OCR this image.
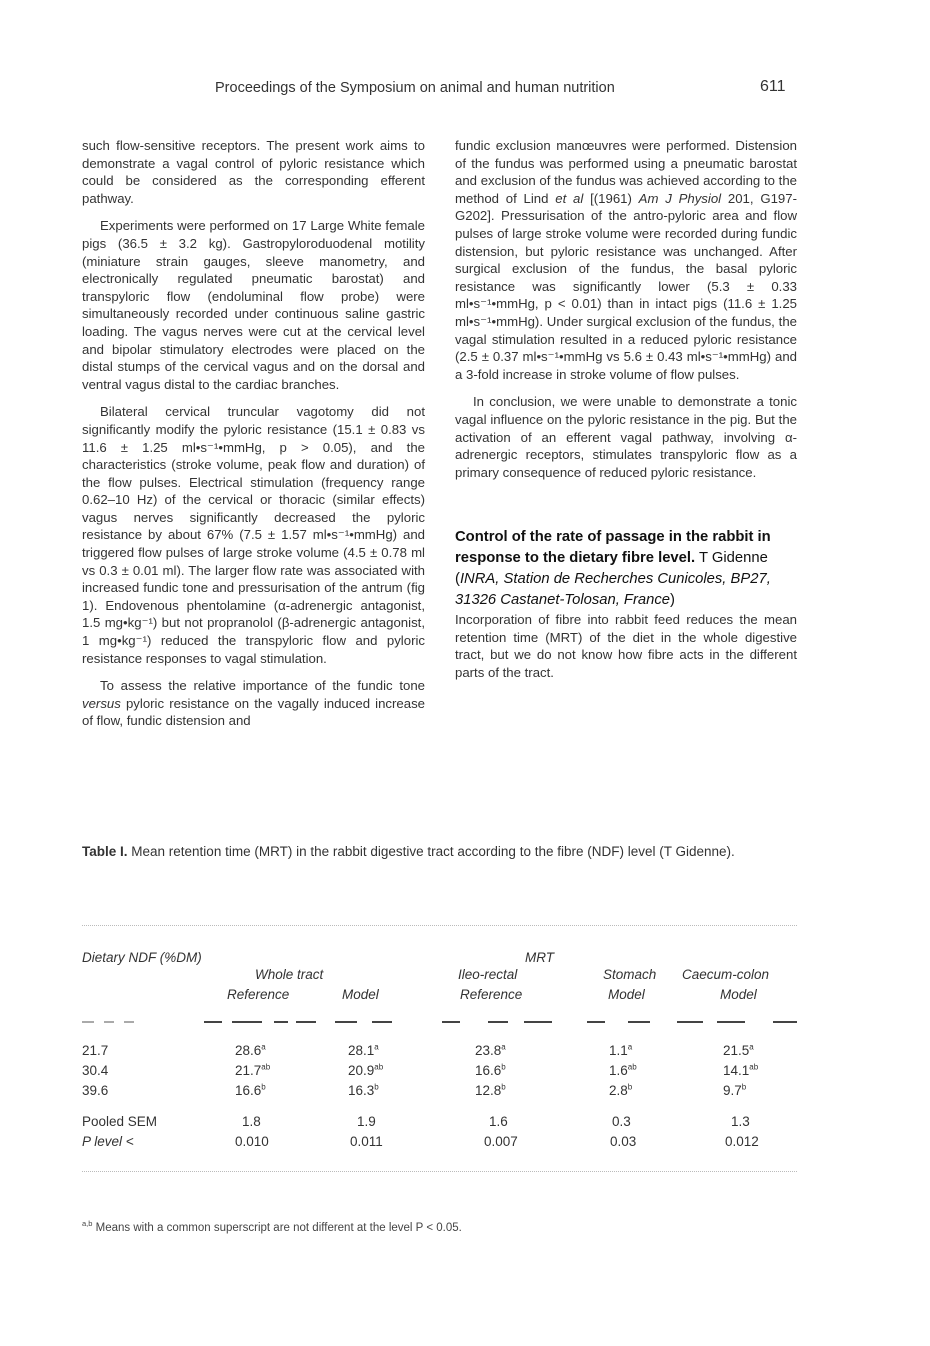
Proceedings of the Symposium on animal and human nutrition	611

such flow-sensitive receptors. The present work aims to demonstrate a vagal control of pyloric resistance which could be considered as the corresponding efferent pathway.

Experiments were performed on 17 Large White female pigs (36.5 ± 3.2 kg). Gastropyloroduodenal motility (miniature strain gauges, sleeve manometry, and electronically regulated pneumatic barostat) and transpyloric flow (endoluminal flow probe) were simultaneously recorded under continuous saline gastric loading. The vagus nerves were cut at the cervical level and bipolar stimulatory electrodes were placed on the distal stumps of the cervical vagus and on the dorsal and ventral vagus distal to the cardiac branches.

Bilateral cervical truncular vagotomy did not significantly modify the pyloric resistance (15.1 ± 0.83 vs 11.6 ± 1.25 ml•s⁻¹•mmHg, p > 0.05), and the characteristics (stroke volume, peak flow and duration) of the flow pulses. Electrical stimulation (frequency range 0.62–10 Hz) of the cervical or thoracic (similar effects) vagus nerves significantly decreased the pyloric resistance by about 67% (7.5 ± 1.57 ml•s⁻¹•mmHg) and triggered flow pulses of large stroke volume (4.5 ± 0.78 ml vs 0.3 ± 0.01 ml). The larger flow rate was associated with increased fundic tone and pressurisation of the antrum (fig 1). Endovenous phentolamine (α-adrenergic antagonist, 1.5 mg•kg⁻¹) but not propranolol (β-adrenergic antagonist, 1 mg•kg⁻¹) reduced the transpyloric flow and pyloric resistance responses to vagal stimulation.

To assess the relative importance of the fundic tone versus pyloric resistance on the vagally induced increase of flow, fundic distension and

fundic exclusion manœuvres were performed. Distension of the fundus was performed using a pneumatic barostat and exclusion of the fundus was achieved according to the method of Lind et al [(1961) Am J Physiol 201, G197-G202]. Pressurisation of the antro-pyloric area and flow pulses of large stroke volume were recorded during fundic distension, but pyloric resistance was unchanged. After surgical exclusion of the fundus, the basal pyloric resistance was significantly lower (5.3 ± 0.33 ml•s⁻¹•mmHg, p < 0.01) than in intact pigs (11.6 ± 1.25 ml•s⁻¹•mmHg). Under surgical exclusion of the fundus, the vagal stimulation resulted in a reduced pyloric resistance (2.5 ± 0.37 ml•s⁻¹•mmHg vs 5.6 ± 0.43 ml•s⁻¹•mmHg) and a 3-fold increase in stroke volume of flow pulses.

In conclusion, we were unable to demonstrate a tonic vagal influence on the pyloric resistance in the pig. But the activation of an efferent vagal pathway, involving α-adrenergic receptors, stimulates transpyloric flow as a primary consequence of reduced pyloric resistance.

Control of the rate of passage in the rabbit in response to the dietary fibre level. T Gidenne (INRA, Station de Recherches Cunicoles, BP27, 31326 Castanet-Tolosan, France)

Incorporation of fibre into rabbit feed reduces the mean retention time (MRT) of the diet in the whole digestive tract, but we do not know how fibre acts in the different parts of the tract.

Table I. Mean retention time (MRT) in the rabbit digestive tract according to the fibre (NDF) level (T Gidenne).
Dietary NDF (%DM)	MRT
Whole tract	Ileo-rectal	Stomach Caecum-colon
Reference	Model	Reference	Model	Model
21.7	28.6$^a$	28.1$^a$	23.8$^a$	1.1$^a$	21.5$^a$
30.4	21.7$^{ab}$	20.9$^{ab}$	16.6$^b$	1.6$^{ab}$	14.1$^{ab}$
39.6	16.6$^b$	16.3$^b$	12.8$^b$	2.8$^b$	9.7$^b$
Pooled SEM	1.8	1.9	1.6	0.3	1.3
P level <	0.010	0.011	0.007	0.03	0.012
$^{a,b}$ Means with a common superscript are not different at the level P < 0.05.
